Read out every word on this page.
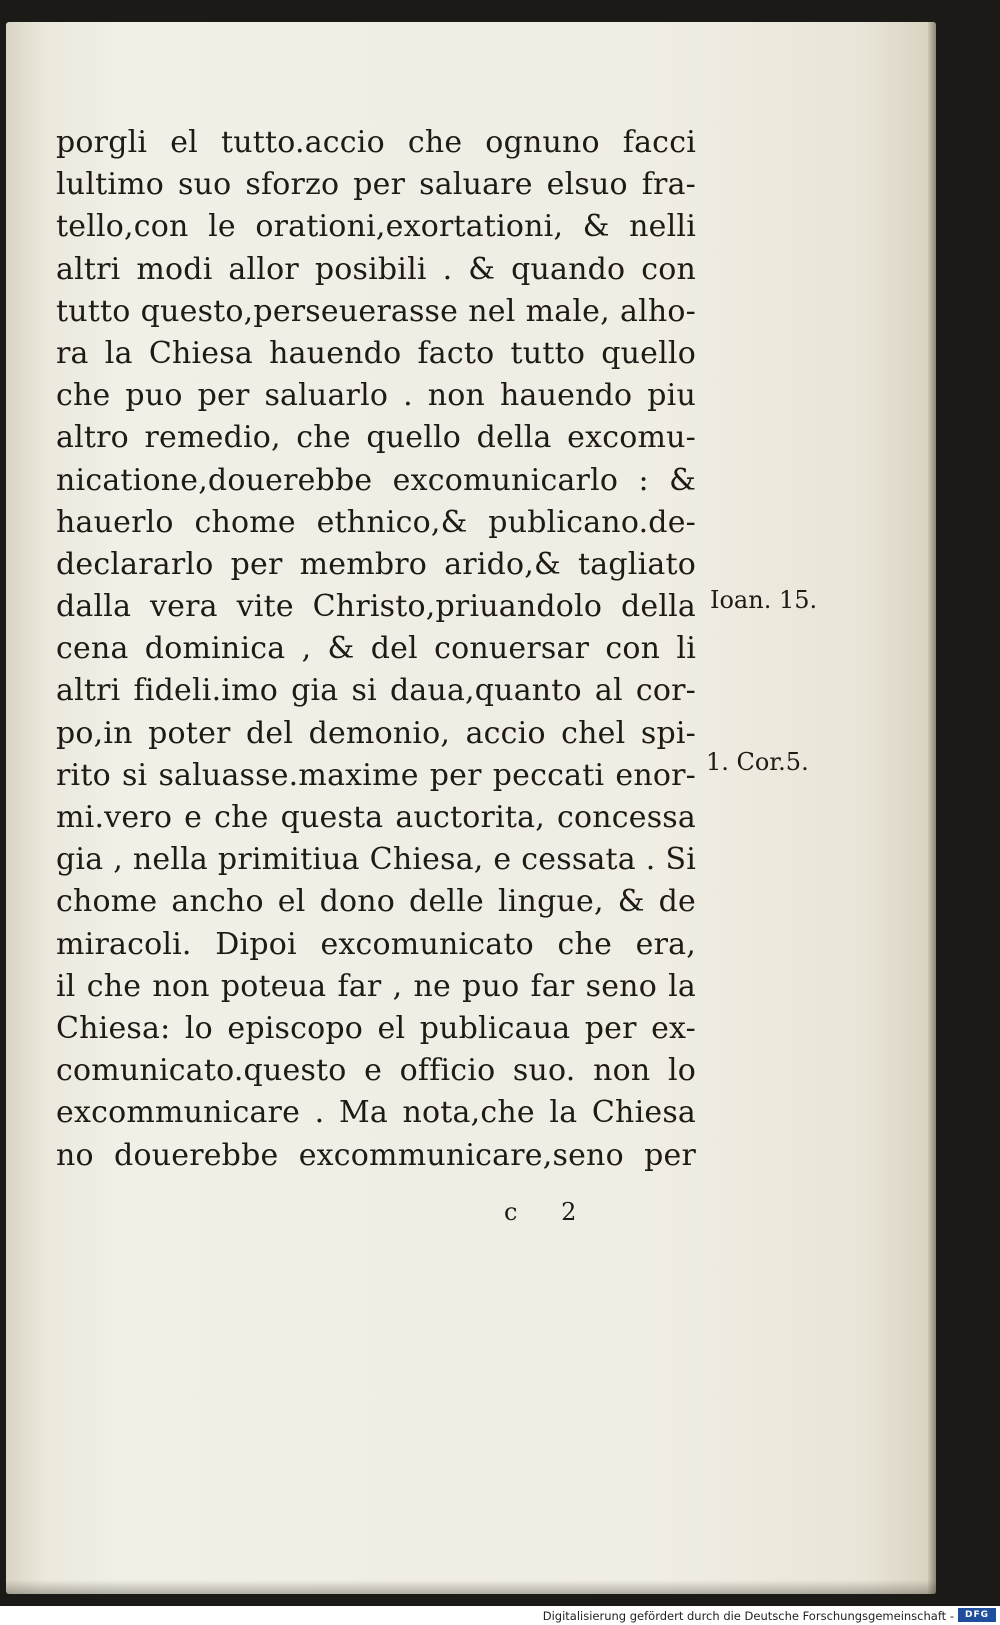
porgli el tutto.accio che ognuno facci
lultimo suo sforzo per saluare elsuo fra-
tello,con le orationi,exortationi, & nelli
altri modi allor posibili . & quando con
tutto questo,perseuerasse nel male, alho-
ra la Chiesa hauendo facto tutto quello
che puo per saluarlo . non hauendo piu
altro remedio, che quello della excomu-
nicatione,douerebbe excomunicarlo : &
hauerlo chome ethnico,& publicano.de-
declararlo per membro arido,& tagliato
dalla vera vite Christo,priuandolo della
cena dominica , & del conuersar con li
altri fideli.imo gia si daua,quanto al cor-
po,in poter del demonio, accio chel spi-
rito si saluasse.maxime per peccati enor-
mi.vero e che questa auctorita, concessa
gia , nella primitiua Chiesa, e cessata . Si
chome ancho el dono delle lingue, & de
miracoli. Dipoi excomunicato che era,
il che non poteua far , ne puo far seno la
Chiesa: lo episcopo el publicaua per ex-
comunicato.questo e officio suo. non lo
excommunicare . Ma nota,che la Chiesa
no douerebbe excommunicare,seno per
Ioan. 15.
1. Cor.5.
c 2
Digitalisierung gefördert durch die Deutsche Forschungsgemeinschaft -	DFG
